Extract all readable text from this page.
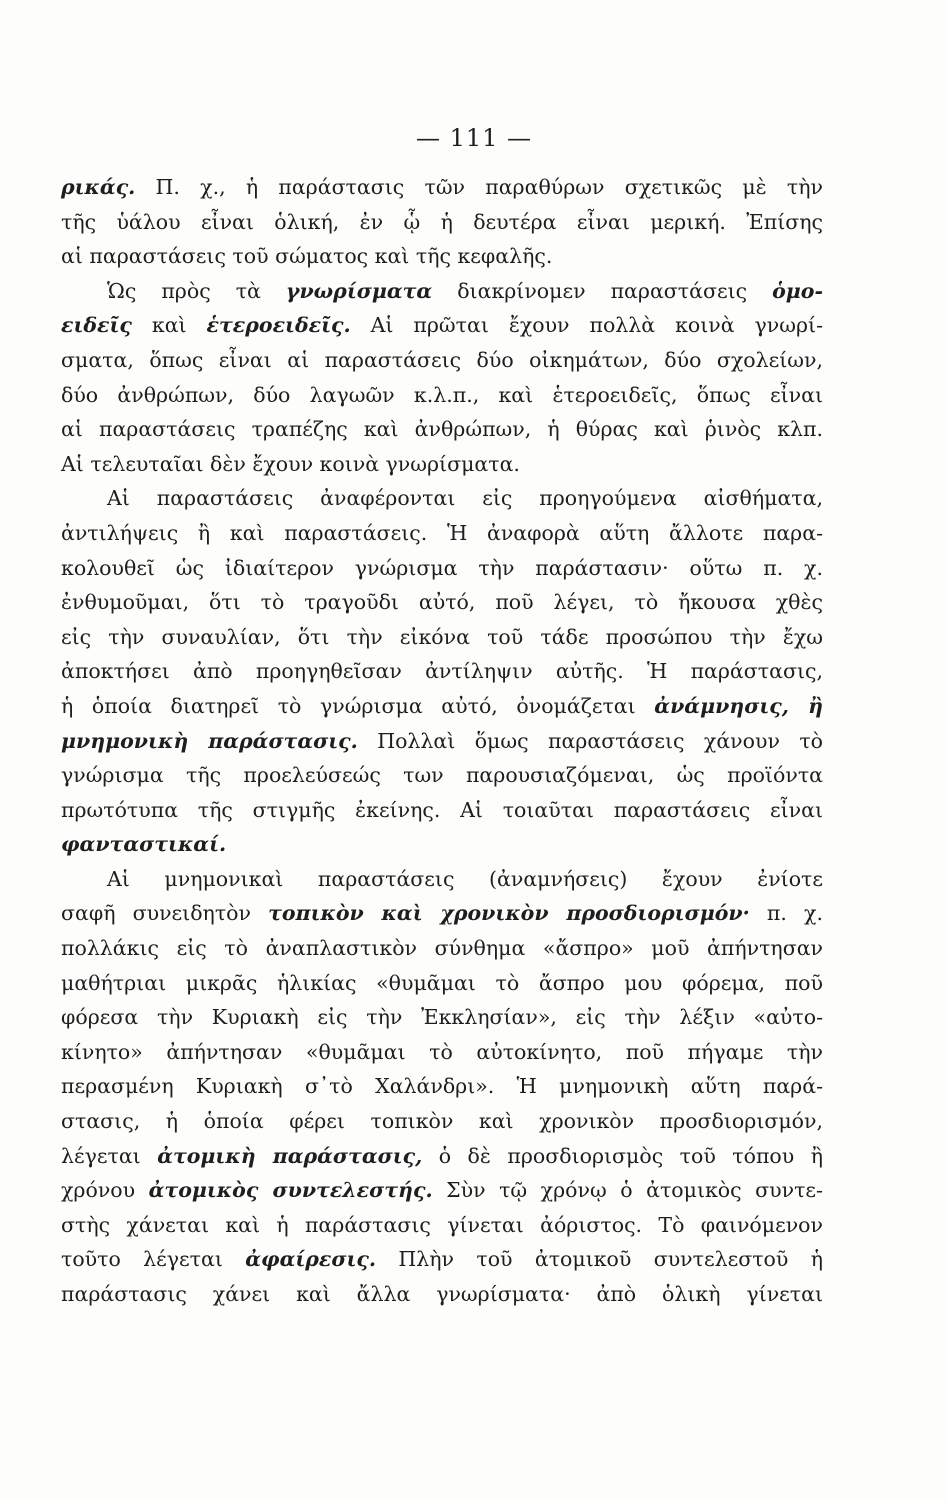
— 111 —
ρικάς. Π. χ., ἡ παράστασις τῶν παραθύρων σχετικῶς μὲ τὴν
τῆς ὑάλου εἶναι ὁλική, ἐν ᾧ ἡ δευτέρα εἶναι μερική. Ἐπίσης
αἱ παραστάσεις τοῦ σώματος καὶ τῆς κεφαλῆς.
Ὡς πρὸς τὰ γνωρίσματα διακρίνομεν παραστάσεις ὁμο-
ειδεῖς καὶ ἑτεροειδεῖς. Αἱ πρῶται ἔχουν πολλὰ κοινὰ γνωρί-
σματα, ὅπως εἶναι αἱ παραστάσεις δύο οἰκημάτων, δύο σχολείων,
δύο ἀνθρώπων, δύο λαγωῶν κ.λ.π., καὶ ἑτεροειδεῖς, ὅπως εἶναι
αἱ παραστάσεις τραπέζης καὶ ἀνθρώπων, ἡ θύρας καὶ ῥινὸς κλπ.
Αἱ τελευταῖαι δὲν ἔχουν κοινὰ γνωρίσματα.
Αἱ παραστάσεις ἀναφέρονται εἰς προηγούμενα αἰσθήματα,
ἀντιλήψεις ἢ καὶ παραστάσεις. Ἡ ἀναφορὰ αὕτη ἄλλοτε παρα-
κολουθεῖ ὡς ἰδιαίτερον γνώρισμα τὴν παράστασιν· οὕτω π. χ.
ἐνθυμοῦμαι, ὅτι τὸ τραγοῦδι αὐτό, ποῦ λέγει, τὸ ἤκουσα χθὲς
εἰς τὴν συναυλίαν, ὅτι τὴν εἰκόνα τοῦ τάδε προσώπου τὴν ἔχω
ἀποκτήσει ἀπὸ προηγηθεῖσαν ἀντίληψιν αὐτῆς. Ἡ παράστασις,
ἡ ὁποία διατηρεῖ τὸ γνώρισμα αὐτό, ὀνομάζεται ἀνάμνησις, ἢ
μνημονικὴ παράστασις. Πολλαὶ ὅμως παραστάσεις χάνουν τὸ
γνώρισμα τῆς προελεύσεώς των παρουσιαζόμεναι, ὡς προϊόντα
πρωτότυπα τῆς στιγμῆς ἐκείνης. Αἱ τοιαῦται παραστάσεις εἶναι
φανταστικαί.
Αἱ μνημονικαὶ παραστάσεις (ἀναμνήσεις) ἔχουν ἐνίοτε
σαφῆ συνειδητὸν τοπικὸν καὶ χρονικὸν προσδιορισμόν· π. χ.
πολλάκις εἰς τὸ ἀναπλαστικὸν σύνθημα «ἄσπρο» μοῦ ἀπήντησαν
μαθήτριαι μικρᾶς ἡλικίας «θυμᾶμαι τὸ ἄσπρο μου φόρεμα, ποῦ
φόρεσα τὴν Κυριακὴ εἰς τὴν Ἐκκλησίαν», εἰς τὴν λέξιν «αὐτο-
κίνητο» ἀπήντησαν «θυμᾶμαι τὸ αὐτοκίνητο, ποῦ πήγαμε τὴν
περασμένη Κυριακὴ σ᾽τὸ Χαλάνδρι». Ἡ μνημονικὴ αὕτη παρά-
στασις, ἡ ὁποία φέρει τοπικὸν καὶ χρονικὸν προσδιορισμόν,
λέγεται ἀτομικὴ παράστασις, ὁ δὲ προσδιορισμὸς τοῦ τόπου ἢ
χρόνου ἀτομικὸς συντελεστής. Σὺν τῷ χρόνῳ ὁ ἀτομικὸς συντε-
στὴς χάνεται καὶ ἡ παράστασις γίνεται ἀόριστος. Τὸ φαινόμενον
τοῦτο λέγεται ἀφαίρεσις. Πλὴν τοῦ ἀτομικοῦ συντελεστοῦ ἡ
παράστασις χάνει καὶ ἄλλα γνωρίσματα· ἀπὸ ὁλικὴ γίνεται
